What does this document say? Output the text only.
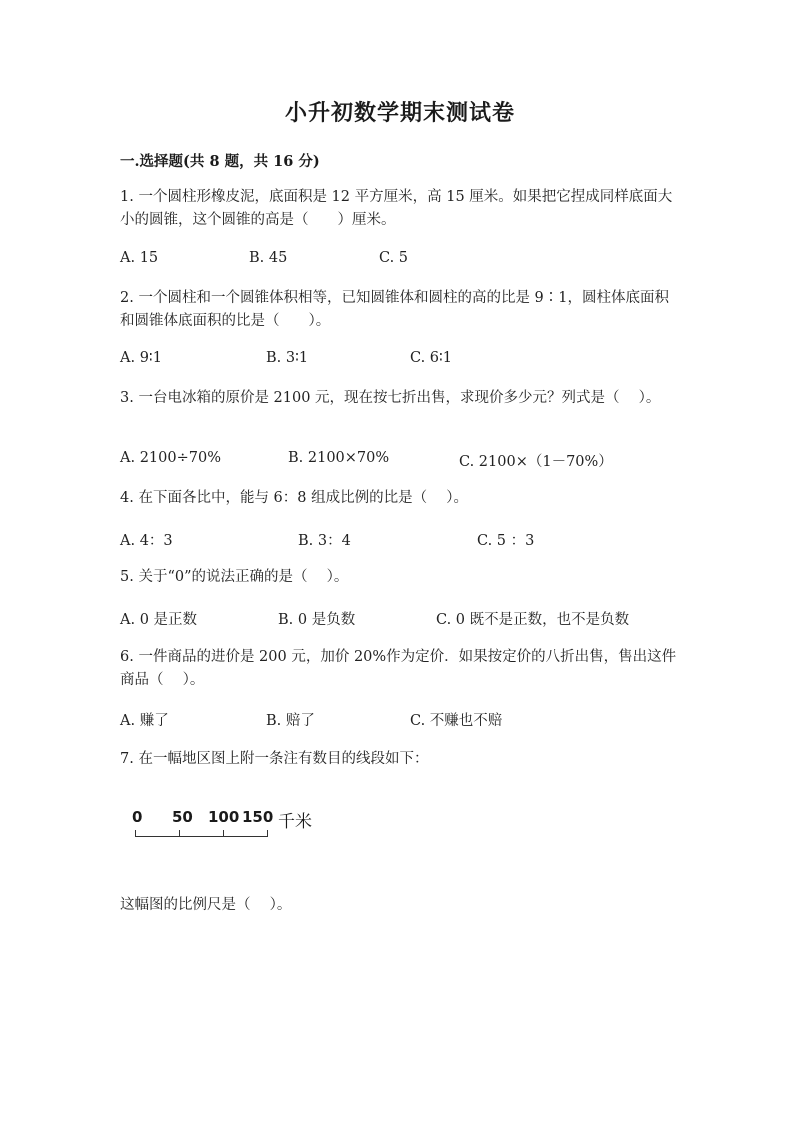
小升初数学期末测试卷
一.选择题(共 8 题，共 16 分)
1. 一个圆柱形橡皮泥，底面积是 12 平方厘米，高 15 厘米。如果把它捏成同样底面大小的圆锥，这个圆锥的高是（　　）厘米。
A. 15	B. 45	C. 5
2. 一个圆柱和一个圆锥体积相等，已知圆锥体和圆柱的高的比是 9∶1，圆柱体底面积和圆锥体底面积的比是（　　）。
A. 9∶1	B. 3∶1	C. 6∶1
3. 一台电冰箱的原价是 2100 元，现在按七折出售，求现价多少元？列式是（　 ）。
A. 2100÷70%	B. 2100×70%	C. 2100×（1－70%）
4. 在下面各比中，能与 6：8 组成比例的比是（　 ）。
A. 4：3	B. 3：4	C. 5 ：3
5. 关于“0”的说法正确的是（　 ）。
A. 0 是正数	B. 0 是负数	C. 0 既不是正数，也不是负数
6. 一件商品的进价是 200 元，加价 20%作为定价．如果按定价的八折出售，售出这件商品（　 ）。
A. 赚了	B. 赔了	C. 不赚也不赔
7. 在一幅地区图上附一条注有数目的线段如下：
0 50 100 150 千米
这幅图的比例尺是（　 ）。
